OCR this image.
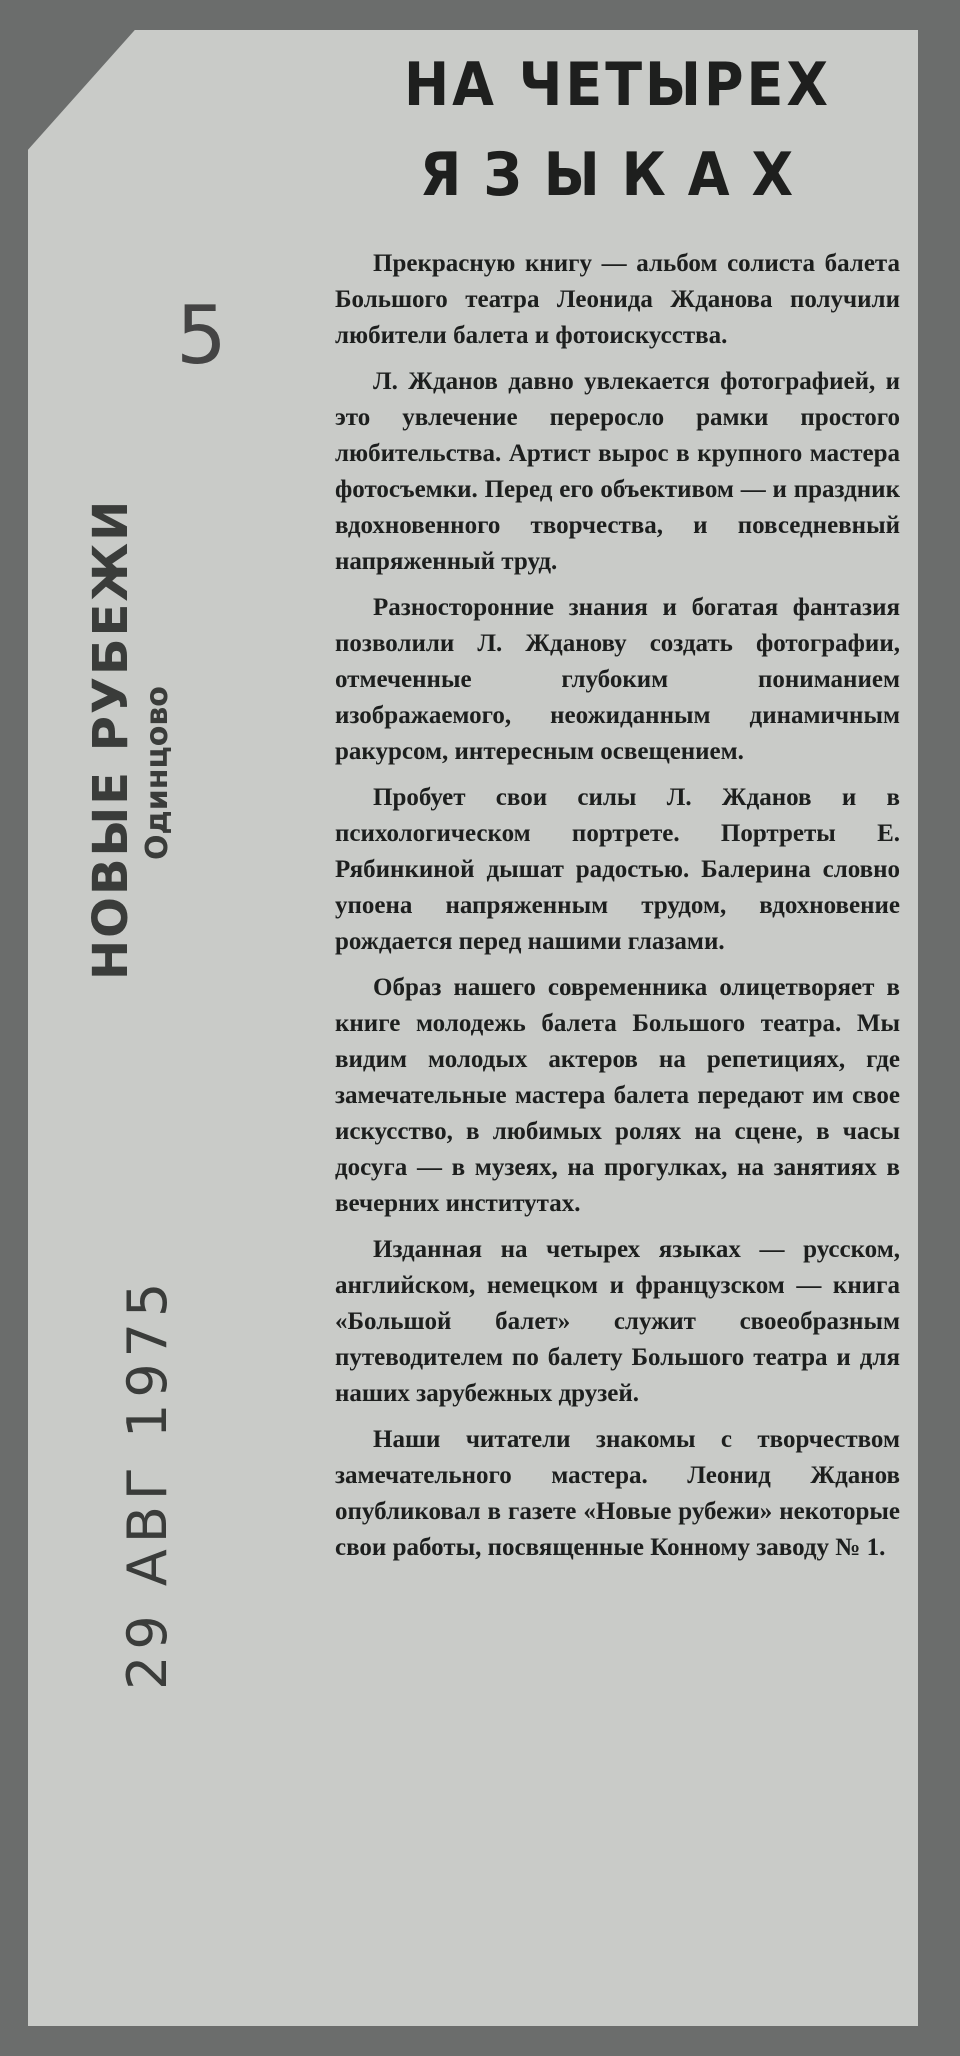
5
НОВЫЕ РУБЕЖИ Одинцово
29 АВГ 1975
НА ЧЕТЫРЕХ
ЯЗЫКАХ

Прекрасную книгу — альбом солиста балета Большого театра Леонида Жданова получили любители балета и фотоискусства.

Л. Жданов давно увлекается фотографией, и это увлечение переросло рамки простого любительства. Артист вырос в крупного мастера фотосъемки. Перед его объективом — и праздник вдохновенного творчества, и повседневный напряженный труд.

Разносторонние знания и богатая фантазия позволили Л. Жданову создать фотографии, отмеченные глубоким пониманием изображаемого, неожиданным динамичным ракурсом, интересным освещением.

Пробует свои силы Л. Жданов и в психологическом портрете. Портреты Е. Рябинкиной дышат радостью. Балерина словно упоена напряженным трудом, вдохновение рождается перед нашими глазами.

Образ нашего современника олицетворяет в книге молодежь балета Большого театра. Мы видим молодых актеров на репетициях, где замечательные мастера балета передают им свое искусство, в любимых ролях на сцене, в часы досуга — в музеях, на прогулках, на занятиях в вечерних институтах.

Изданная на четырех языках — русском, английском, немецком и французском — книга «Большой балет» служит своеобразным путеводителем по балету Большого театра и для наших зарубежных друзей.

Наши читатели знакомы с творчеством замечательного мастера. Леонид Жданов опубликовал в газете «Новые рубежи» некоторые свои работы, посвященные Конному заводу № 1.
